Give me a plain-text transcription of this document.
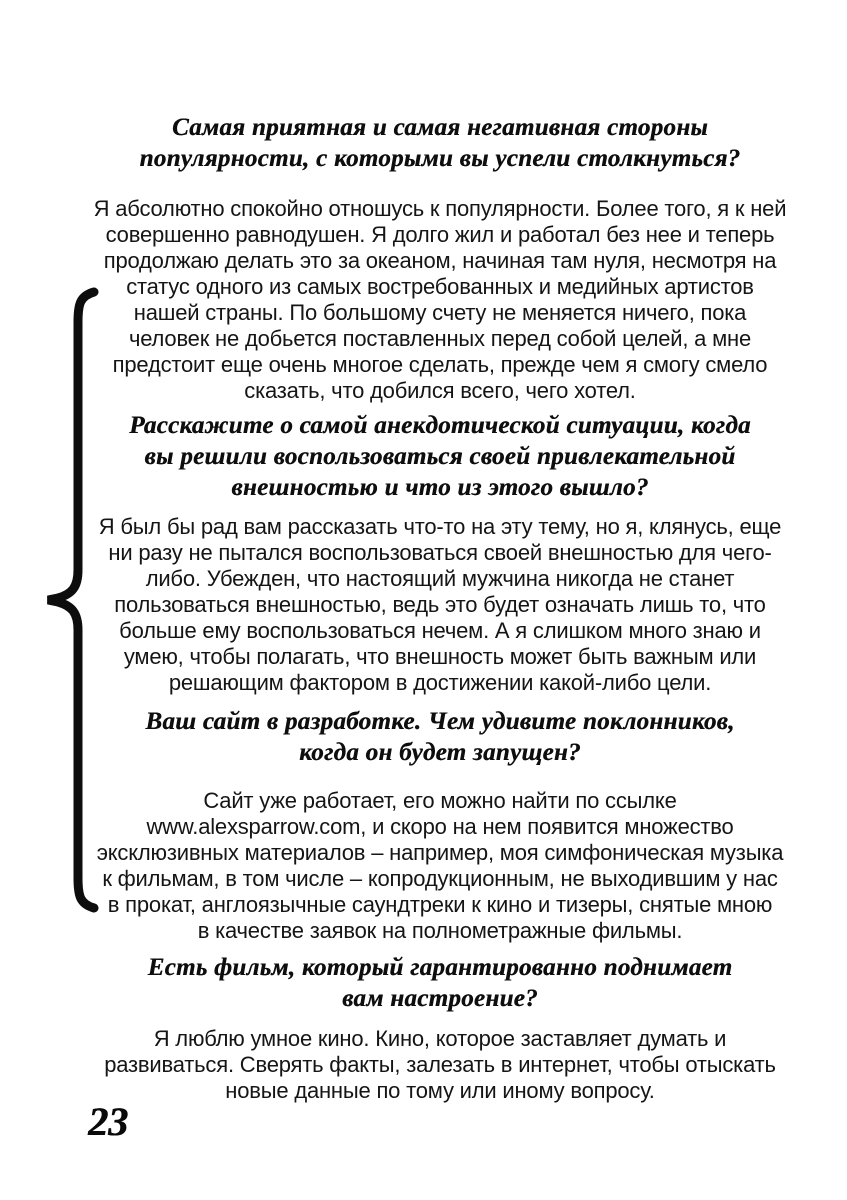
Самая приятная и самая негативная стороны
популярности, с которыми вы успели столкнуться?
Я абсолютно спокойно отношусь к популярности. Более того, я к ней
совершенно равнодушен. Я долго жил и работал без нее и теперь
продолжаю делать это за океаном, начиная там нуля, несмотря на
статус одного из самых востребованных и медийных артистов
нашей страны. По большому счету не меняется ничего, пока
человек не добьется поставленных перед собой целей, а мне
предстоит еще очень многое сделать, прежде чем я смогу смело
сказать, что добился всего, чего хотел.
Расскажите о самой анекдотической ситуации, когда
вы решили воспользоваться своей привлекательной
внешностью и что из этого вышло?
Я был бы рад вам рассказать что-то на эту тему, но я, клянусь, еще
ни разу не пытался воспользоваться своей внешностью для чего-
либо. Убежден, что настоящий мужчина никогда не станет
пользоваться внешностью, ведь это будет означать лишь то, что
больше ему воспользоваться нечем. А я слишком много знаю и
умею, чтобы полагать, что внешность может быть важным или
решающим фактором в достижении какой-либо цели.
Ваш сайт в разработке. Чем удивите поклонников,
когда он будет запущен?
Сайт уже работает, его можно найти по ссылке
www.alexsparrow.com, и скоро на нем появится множество
эксклюзивных материалов – например, моя симфоническая музыка
к фильмам, в том числе – копродукционным, не выходившим у нас
в прокат, англоязычные саундтреки к кино и тизеры, снятые мною
в качестве заявок на полнометражные фильмы.
Есть фильм, который гарантированно поднимает
вам настроение?
Я люблю умное кино. Кино, которое заставляет думать и
развиваться. Сверять факты, залезать в интернет, чтобы отыскать
новые данные по тому или иному вопросу.
23
